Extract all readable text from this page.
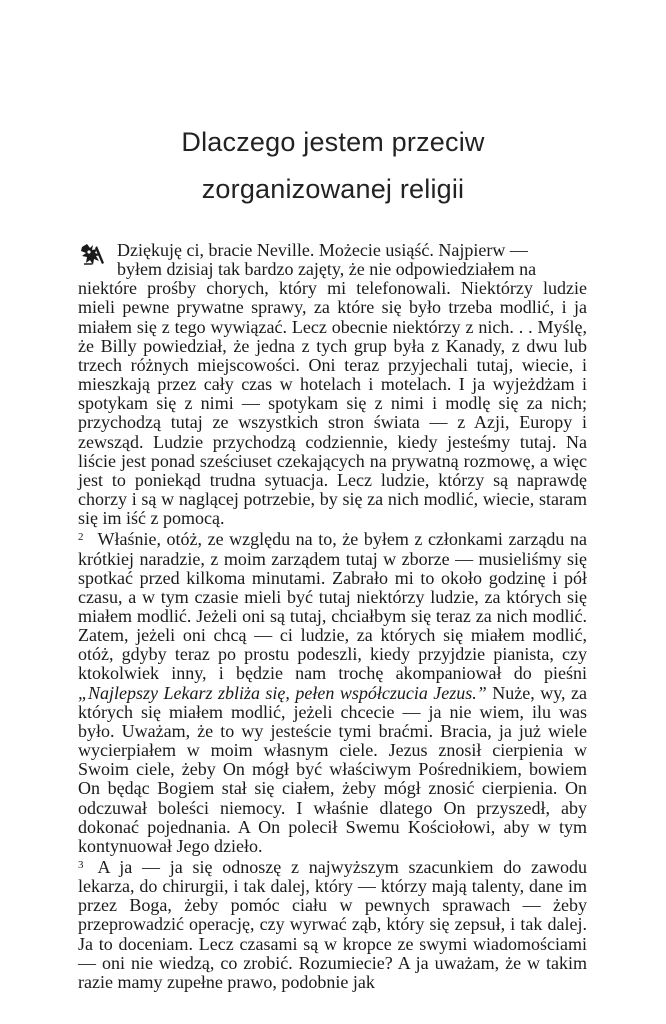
Dlaczego jestem przeciw
zorganizowanej religii

Dziękuję ci, bracie Neville. Możecie usiąść. Najpierw —
byłem dzisiaj tak bardzo zajęty, że nie odpowiedziałem na
niektóre prośby chorych, który mi telefonowali. Niektórzy ludzie mieli pewne prywatne sprawy, za które się było trzeba modlić, i ja miałem się z tego wywiązać. Lecz obecnie niektórzy z nich. . . Myślę, że Billy powiedział, że jedna z tych grup była z Kanady, z dwu lub trzech różnych miejscowości. Oni teraz przyjechali tutaj, wiecie, i mieszkają przez cały czas w hotelach i motelach. I ja wyjeżdżam i spotykam się z nimi — spotykam się z nimi i modlę się za nich; przychodzą tutaj ze wszystkich stron świata — z Azji, Europy i zewsząd. Ludzie przychodzą codziennie, kiedy jesteśmy tutaj. Na liście jest ponad sześciuset czekających na prywatną rozmowę, a więc jest to poniekąd trudna sytuacja. Lecz ludzie, którzy są naprawdę chorzy i są w naglącej potrzebie, by się za nich modlić, wiecie, staram się im iść z pomocą.

$^2$ Właśnie, otóż, ze względu na to, że byłem z członkami zarządu na krótkiej naradzie, z moim zarządem tutaj w zborze — musieliśmy się spotkać przed kilkoma minutami. Zabrało mi to około godzinę i pół czasu, a w tym czasie mieli być tutaj niektórzy ludzie, za których się miałem modlić. Jeżeli oni są tutaj, chciałbym się teraz za nich modlić. Zatem, jeżeli oni chcą — ci ludzie, za których się miałem modlić, otóż, gdyby teraz po prostu podeszli, kiedy przyjdzie pianista, czy ktokolwiek inny, i będzie nam trochę akompaniował do pieśni „Najlepszy Lekarz zbliża się, pełen współczucia Jezus.” Nuże, wy, za których się miałem modlić, jeżeli chcecie — ja nie wiem, ilu was było. Uważam, że to wy jesteście tymi braćmi. Bracia, ja już wiele wycierpiałem w moim własnym ciele. Jezus znosił cierpienia w Swoim ciele, żeby On mógł być właściwym Pośrednikiem, bowiem On będąc Bogiem stał się ciałem, żeby mógł znosić cierpienia. On odczuwał boleści niemocy. I właśnie dlatego On przyszedł, aby dokonać pojednania. A On polecił Swemu Kościołowi, aby w tym kontynuował Jego dzieło.

$^3$ A ja — ja się odnoszę z najwyższym szacunkiem do zawodu lekarza, do chirurgii, i tak dalej, który — którzy mają talenty, dane im przez Boga, żeby pomóc ciału w pewnych sprawach — żeby przeprowadzić operację, czy wyrwać ząb, który się zepsuł, i tak dalej. Ja to doceniam. Lecz czasami są w kropce ze swymi wiadomościami — oni nie wiedzą, co zrobić. Rozumiecie? A ja uważam, że w takim razie mamy zupełne prawo, podobnie jak
